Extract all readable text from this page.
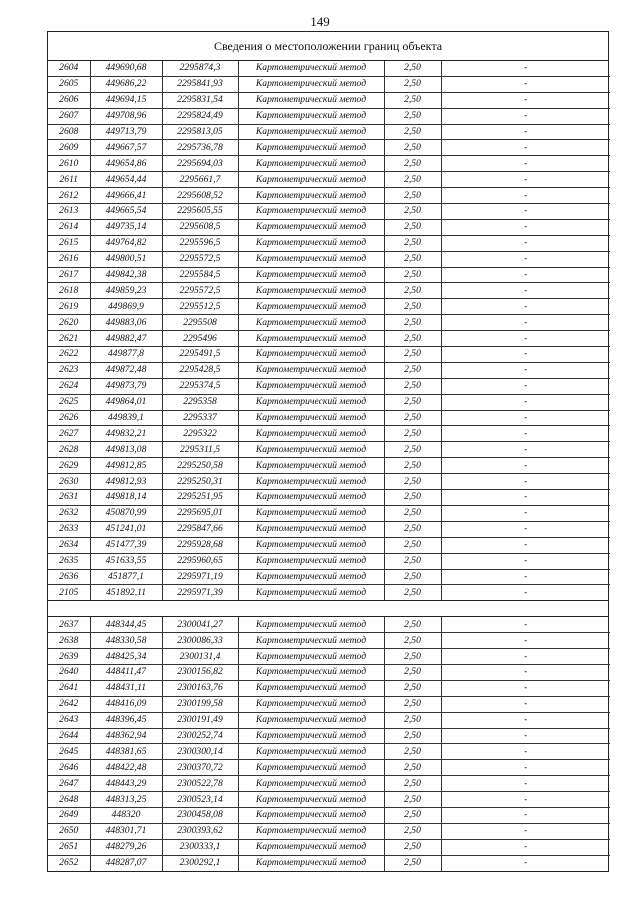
149
Сведения о местоположении границ объекта
2604	449690,68	2295874,3	Картометрический метод	2,50	-
2605	449686,22	2295841,93	Картометрический метод	2,50	-
2606	449694,15	2295831,54	Картометрический метод	2,50	-
2607	449708,96	2295824,49	Картометрический метод	2,50	-
2608	449713,79	2295813,05	Картометрический метод	2,50	-
2609	449667,57	2295736,78	Картометрический метод	2,50	-
2610	449654,86	2295694,03	Картометрический метод	2,50	-
2611	449654,44	2295661,7	Картометрический метод	2,50	-
2612	449666,41	2295608,52	Картометрический метод	2,50	-
2613	449665,54	2295605,55	Картометрический метод	2,50	-
2614	449735,14	2295608,5	Картометрический метод	2,50	-
2615	449764,82	2295596,5	Картометрический метод	2,50	-
2616	449800,51	2295572,5	Картометрический метод	2,50	-
2617	449842,38	2295584,5	Картометрический метод	2,50	-
2618	449859,23	2295572,5	Картометрический метод	2,50	-
2619	449869,9	2295512,5	Картометрический метод	2,50	-
2620	449883,06	2295508	Картометрический метод	2,50	-
2621	449882,47	2295496	Картометрический метод	2,50	-
2622	449877,8	2295491,5	Картометрический метод	2,50	-
2623	449872,48	2295428,5	Картометрический метод	2,50	-
2624	449873,79	2295374,5	Картометрический метод	2,50	-
2625	449864,01	2295358	Картометрический метод	2,50	-
2626	449839,1	2295337	Картометрический метод	2,50	-
2627	449832,21	2295322	Картометрический метод	2,50	-
2628	449813,08	2295311,5	Картометрический метод	2,50	-
2629	449812,85	2295250,58	Картометрический метод	2,50	-
2630	449812,93	2295250,31	Картометрический метод	2,50	-
2631	449818,14	2295251,95	Картометрический метод	2,50	-
2632	450870,99	2295695,01	Картометрический метод	2,50	-
2633	451241,01	2295847,66	Картометрический метод	2,50	-
2634	451477,39	2295928,68	Картометрический метод	2,50	-
2635	451633,55	2295960,65	Картометрический метод	2,50	-
2636	451877,1	2295971,19	Картометрический метод	2,50	-
2105	451892,11	2295971,39	Картометрический метод	2,50	-
2637	448344,45	2300041,27	Картометрический метод	2,50	-
2638	448330,58	2300086,33	Картометрический метод	2,50	-
2639	448425,34	2300131,4	Картометрический метод	2,50	-
2640	448411,47	2300156,82	Картометрический метод	2,50	-
2641	448431,11	2300163,76	Картометрический метод	2,50	-
2642	448416,09	2300199,58	Картометрический метод	2,50	-
2643	448396,45	2300191,49	Картометрический метод	2,50	-
2644	448362,94	2300252,74	Картометрический метод	2,50	-
2645	448381,65	2300300,14	Картометрический метод	2,50	-
2646	448422,48	2300370,72	Картометрический метод	2,50	-
2647	448443,29	2300522,78	Картометрический метод	2,50	-
2648	448313,25	2300523,14	Картометрический метод	2,50	-
2649	448320	2300458,08	Картометрический метод	2,50	-
2650	448301,71	2300393,62	Картометрический метод	2,50	-
2651	448279,26	2300333,1	Картометрический метод	2,50	-
2652	448287,07	2300292,1	Картометрический метод	2,50	-
